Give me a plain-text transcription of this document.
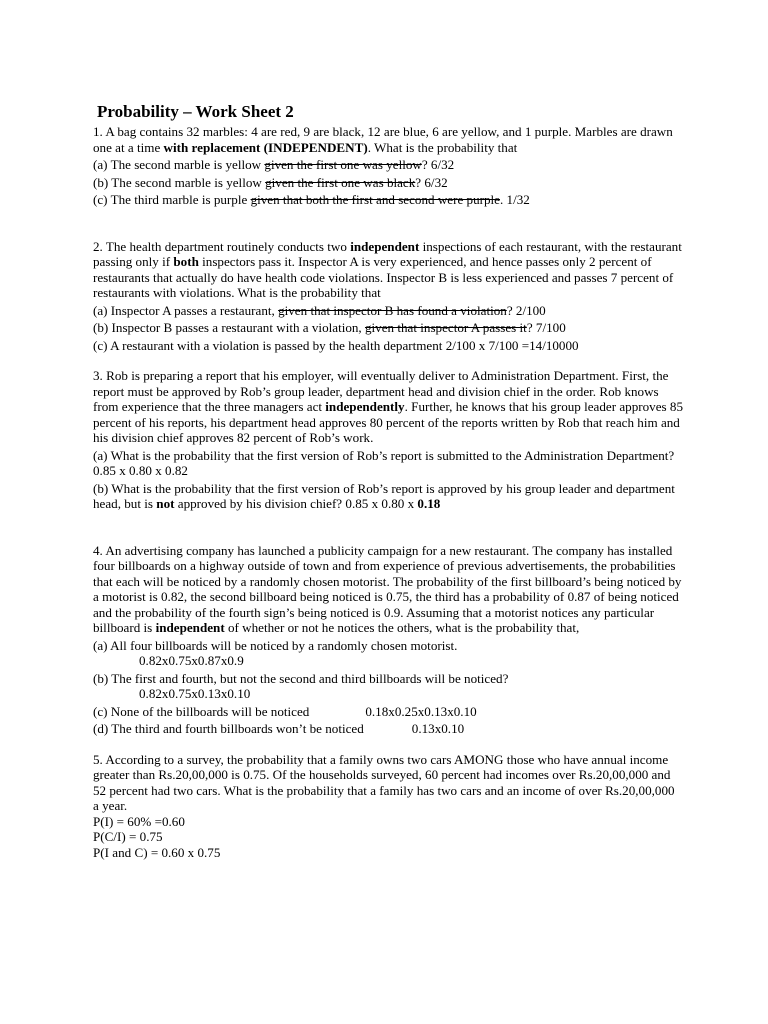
Probability – Work Sheet 2

1. A bag contains 32 marbles: 4 are red, 9 are black, 12 are blue, 6 are yellow, and 1 purple. Marbles are drawn one at a time with replacement (INDEPENDENT). What is the probability that

(a) The second marble is yellow given the first one was yellow? 6/32

(b) The second marble is yellow given the first one was black? 6/32

(c) The third marble is purple given that both the first and second were purple. 1/32

2. The health department routinely conducts two independent inspections of each restaurant, with the restaurant passing only if both inspectors pass it. Inspector A is very experienced, and hence passes only 2 percent of restaurants that actually do have health code violations. Inspector B is less experienced and passes 7 percent of restaurants with violations. What is the probability that

(a) Inspector A passes a restaurant, given that inspector B has found a violation? 2/100

(b) Inspector B passes a restaurant with a violation, given that inspector A passes it? 7/100

(c) A restaurant with a violation is passed by the health department 2/100 x 7/100 =14/10000

3. Rob is preparing a report that his employer, will eventually deliver to Administration Department. First, the report must be approved by Rob’s group leader, department head and division chief in the order. Rob knows from experience that the three managers act independently. Further, he knows that his group leader approves 85 percent of his reports, his department head approves 80 percent of the reports written by Rob that reach him and his division chief approves 82 percent of Rob’s work.

(a) What is the probability that the first version of Rob’s report is submitted to the Administration Department? 0.85 x 0.80 x 0.82

(b) What is the probability that the first version of Rob’s report is approved by his group leader and department head, but is not approved by his division chief? 0.85 x 0.80 x 0.18

4. An advertising company has launched a publicity campaign for a new restaurant. The company has installed four billboards on a highway outside of town and from experience of previous advertisements, the probabilities that each will be noticed by a randomly chosen motorist. The probability of the first billboard’s being noticed by a motorist is 0.82, the second billboard being noticed is 0.75, the third has a probability of 0.87 of being noticed and the probability of the fourth sign’s being noticed is 0.9. Assuming that a motorist notices any particular billboard is independent of whether or not he notices the others, what is the probability that,

(a) All four billboards will be noticed by a randomly chosen motorist.

0.82x0.75x0.87x0.9

(b) The first and fourth, but not the second and third billboards will be noticed?

0.82x0.75x0.13x0.10

(c) None of the billboards will be noticed	0.18x0.25x0.13x0.10

(d) The third and fourth billboards won’t be noticed	0.13x0.10

5. According to a survey, the probability that a family owns two cars AMONG those who have annual income greater than Rs.20,00,000 is 0.75. Of the households surveyed, 60 percent had incomes over Rs.20,00,000 and 52 percent had two cars. What is the probability that a family has two cars and an income of over Rs.20,00,000 a year.

P(I) = 60% =0.60

P(C/I) = 0.75

P(I and C) = 0.60 x 0.75
